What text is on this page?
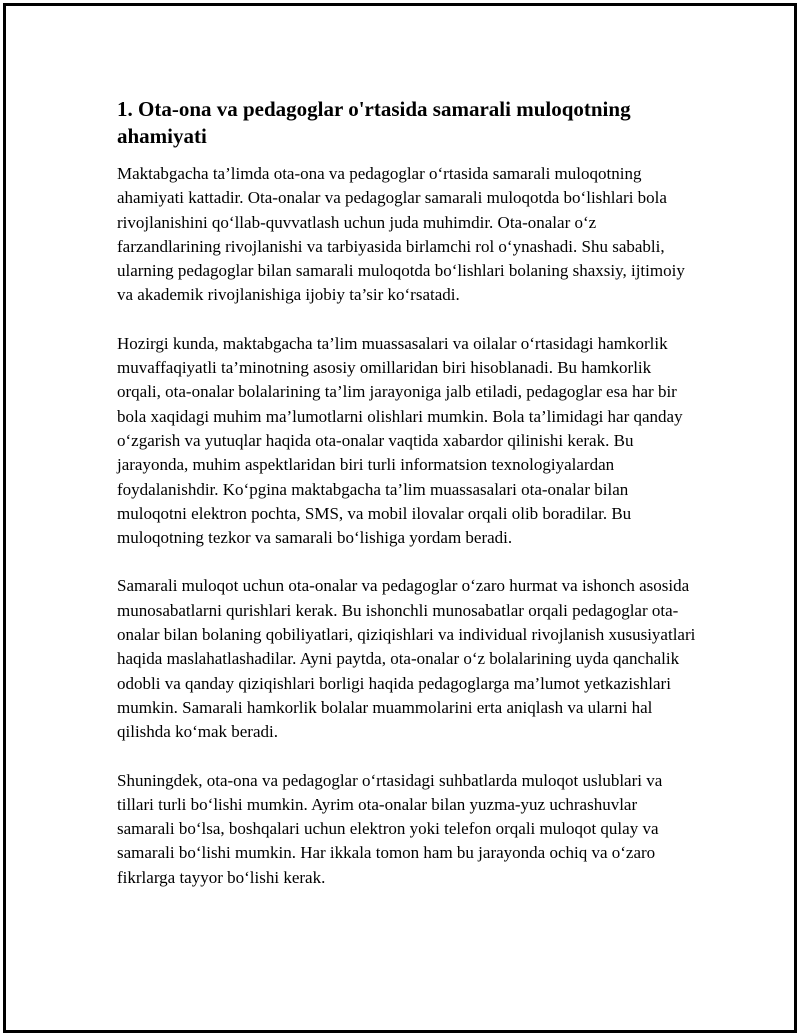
1. Ota-ona va pedagoglar o'rtasida samarali muloqotning ahamiyati

Maktabgacha ta’limda ota-ona va pedagoglar o‘rtasida samarali muloqotning ahamiyati kattadir. Ota-onalar va pedagoglar samarali muloqotda bo‘lishlari bola rivojlanishini qo‘llab-quvvatlash uchun juda muhimdir. Ota-onalar o‘z farzandlarining rivojlanishi va tarbiyasida birlamchi rol o‘ynashadi. Shu sababli, ularning pedagoglar bilan samarali muloqotda bo‘lishlari bolaning shaxsiy, ijtimoiy va akademik rivojlanishiga ijobiy ta’sir ko‘rsatadi.

Hozirgi kunda, maktabgacha ta’lim muassasalari va oilalar o‘rtasidagi hamkorlik muvaffaqiyatli ta’minotning asosiy omillaridan biri hisoblanadi. Bu hamkorlik orqali, ota-onalar bolalarining ta’lim jarayoniga jalb etiladi, pedagoglar esa har bir bola xaqidagi muhim ma’lumotlarni olishlari mumkin. Bola ta’limidagi har qanday o‘zgarish va yutuqlar haqida ota-onalar vaqtida xabardor qilinishi kerak. Bu jarayonda, muhim aspektlaridan biri turli informatsion texnologiyalardan foydalanishdir. Ko‘pgina maktabgacha ta’lim muassasalari ota-onalar bilan muloqotni elektron pochta, SMS, va mobil ilovalar orqali olib boradilar. Bu muloqotning tezkor va samarali bo‘lishiga yordam beradi.

Samarali muloqot uchun ota-onalar va pedagoglar o‘zaro hurmat va ishonch asosida munosabatlarni qurishlari kerak. Bu ishonchli munosabatlar orqali pedagoglar ota-onalar bilan bolaning qobiliyatlari, qiziqishlari va individual rivojlanish xususiyatlari haqida maslahatlashadilar. Ayni paytda, ota-onalar o‘z bolalarining uyda qanchalik odobli va qanday qiziqishlari borligi haqida pedagoglarga ma’lumot yetkazishlari mumkin. Samarali hamkorlik bolalar muammolarini erta aniqlash va ularni hal qilishda ko‘mak beradi.

Shuningdek, ota-ona va pedagoglar o‘rtasidagi suhbatlarda muloqot uslublari va tillari turli bo‘lishi mumkin. Ayrim ota-onalar bilan yuzma-yuz uchrashuvlar samarali bo‘lsa, boshqalari uchun elektron yoki telefon orqali muloqot qulay va samarali bo‘lishi mumkin. Har ikkala tomon ham bu jarayonda ochiq va o‘zaro fikrlarga tayyor bo‘lishi kerak.
